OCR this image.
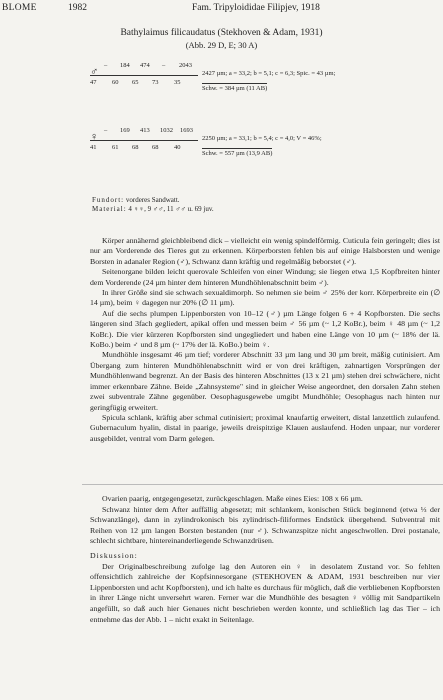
BLOME	1982	Fam. Tripyloididae Filipjev, 1918
Bathylaimus filicaudatus (Stekhoven & Adam, 1931)
(Abb. 29 D, E; 30 A)
♂
– 184 474 – 2043
47 60 65 73 35
2427 µm; a = 33,2; b = 5,1; c = 6,3; Spic. = 43 µm;
Schw. = 384 µm (11 AB)
♀
– 169 413 1032 1693
41 61 68 68 40
2250 µm; a = 33,1; b = 5,4; c = 4,0; V = 46%;
Schw. = 557 µm (13,9 AB)
Fundort: vorderes Sandwatt.
Material: 4 ♀♀, 9 ♂♂, 11 ♂♂ u. 69 juv.

Körper annähernd gleichbleibend dick – vielleicht ein wenig spindelförmig. Cuticula fein geringelt; dies ist nur am Vorderende des Tieres gut zu erkennen. Körperborsten fehlen bis auf einige Halsborsten und wenige Borsten in adanaler Region (♂), Schwanz dann kräftig und regelmäßig beborstet (♂).

Seitenorgane bilden leicht querovale Schleifen von einer Windung; sie liegen etwa 1,5 Kopfbreiten hinter dem Vorderende (24 µm hinter dem hinteren Mundhöhlenabschnitt beim ♂).

In ihrer Größe sind sie schwach sexualdimorph. So nehmen sie beim ♂ 25% der korr. Körperbreite ein (∅ 14 µm), beim ♀ dagegen nur 20% (∅ 11 µm).

Auf die sechs plumpen Lippenborsten von 10–12 (♂) µm Länge folgen 6 + 4 Kopfborsten. Die sechs längeren sind 3fach gegliedert, apikal offen und messen beim ♂ 56 µm (~ 1,2 KoBr.), beim ♀ 48 µm (~ 1,2 KoBr.). Die vier kürzeren Kopfborsten sind ungegliedert und haben eine Länge von 10 µm (~ 18% der lä. KoBo.) beim ♂ und 8 µm (~ 17% der lä. KoBo.) beim ♀.

Mundhöhle insgesamt 46 µm tief; vorderer Abschnitt 33 µm lang und 30 µm breit, mäßig cutinisiert. Am Übergang zum hinteren Mundhöhlenabschnitt wird er von drei kräftigen, zahnartigen Vorsprüngen der Mundhöhlenwand begrenzt. An der Basis des hinteren Abschnittes (13 x 21 µm) stehen drei schwächere, nicht immer erkennbare Zähne. Beide „Zahnsysteme" sind in gleicher Weise angeordnet, den dorsalen Zahn stehen zwei subventrale Zähne gegenüber. Oesophagusgewebe umgibt Mundhöhle; Oesophagus nach hinten nur geringfügig erweitert.

Spicula schlank, kräftig aber schmal cutinisiert; proximal knaufartig erweitert, distal lanzettlich zulaufend. Gubernaculum hyalin, distal in paarige, jeweils dreispitzige Klauen auslaufend. Hoden unpaar, nur vorderer ausgebildet, ventral vom Darm gelegen.

Ovarien paarig, entgegengesetzt, zurückgeschlagen. Maße eines Eies: 108 x 66 µm.

Schwanz hinter dem After auffällig abgesetzt; mit schlankem, konischen Stück beginnend (etwa ⅓ der Schwanzlänge), dann in zylindrokonisch bis zylindrisch-filiformes Endstück übergehend. Subventral mit Reihen von 12 µm langen Borsten bestanden (nur ♂). Schwanzspitze nicht angeschwollen. Drei postanale, schlecht sichtbare, hintereinanderliegende Schwanzdrüsen.

Diskussion:

Der Originalbeschreibung zufolge lag den Autoren ein ♀ in desolatem Zustand vor. So fehlten offensichtlich zahlreiche der Kopfsinnesorgane (STEKHOVEN & ADAM, 1931 beschreiben nur vier Lippenborsten und acht Kopfborsten), und ich halte es durchaus für möglich, daß die verbliebenen Kopfborsten in ihrer Länge nicht unversehrt waren. Ferner war die Mundhöhle des besagten ♀ völlig mit Sandpartikeln angefüllt, so daß auch hier Genaues nicht beschrieben werden konnte, und schließlich lag das Tier – ich entnehme das der Abb. 1 – nicht exakt in Seitenlage.
